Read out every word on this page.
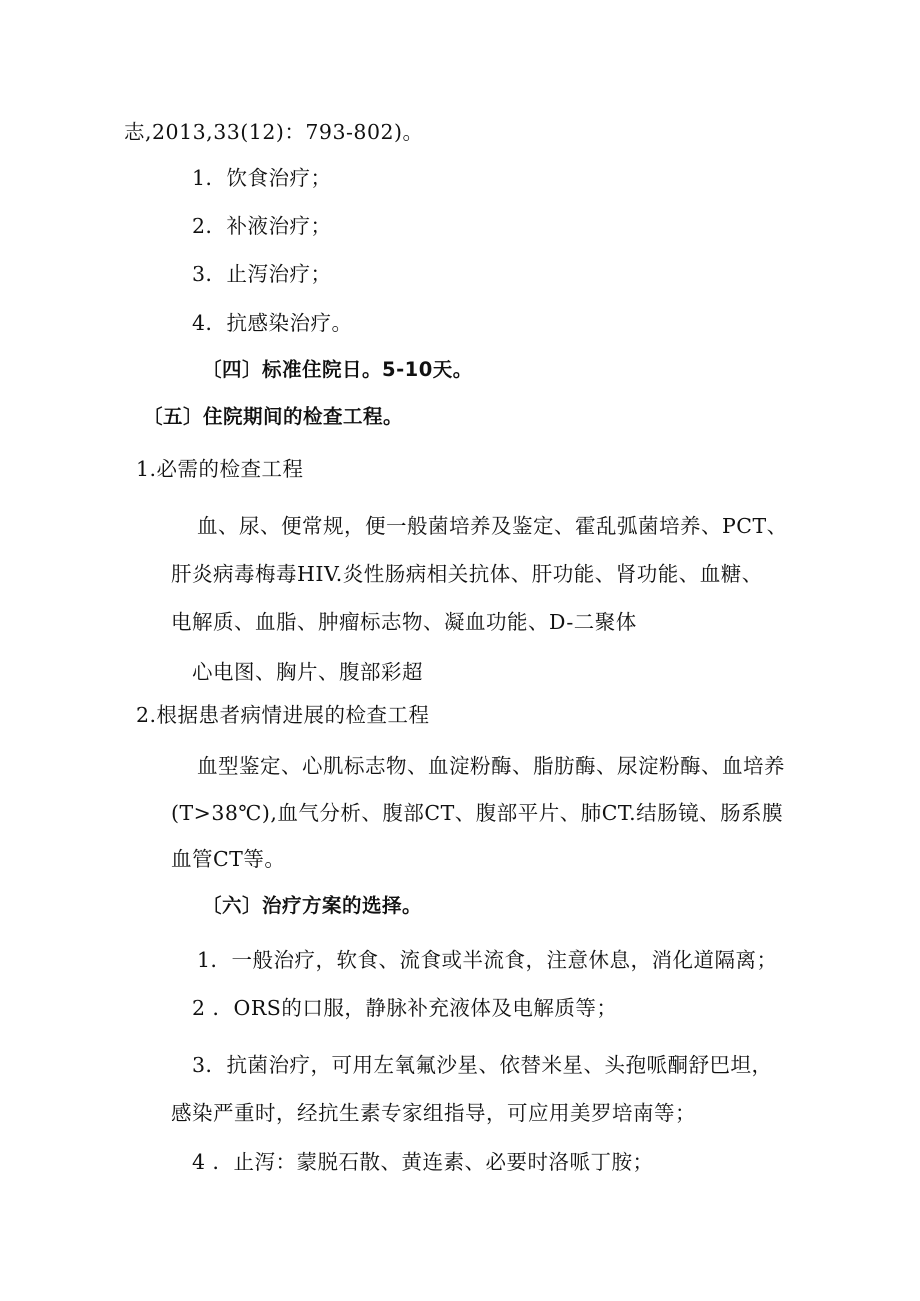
志,2013,33(12)：793-802)。
1．饮食治疗；
2．补液治疗；
3．止泻治疗；
4．抗感染治疗。
〔四〕标准住院日。5-10天。
〔五〕住院期间的检查工程。
1.必需的检查工程
血、尿、便常规，便一般菌培养及鉴定、霍乱弧菌培养、PCT、
肝炎病毒梅毒HIV.炎性肠病相关抗体、肝功能、肾功能、血糖、
电解质、血脂、肿瘤标志物、凝血功能、D-二聚体
心电图、胸片、腹部彩超
2.根据患者病情进展的检查工程
血型鉴定、心肌标志物、血淀粉酶、脂肪酶、尿淀粉酶、血培养
(T>38℃),血气分析、腹部CT、腹部平片、肺CT.结肠镜、肠系膜
血管CT等。
〔六〕治疗方案的选择。
1．一般治疗，软食、流食或半流食，注意休息，消化道隔离；
2 ．ORS的口服，静脉补充液体及电解质等；
3．抗菌治疗，可用左氧氟沙星、依替米星、头孢哌酮舒巴坦，
感染严重时，经抗生素专家组指导，可应用美罗培南等；
4 ．止泻：蒙脱石散、黄连素、必要时洛哌丁胺；
